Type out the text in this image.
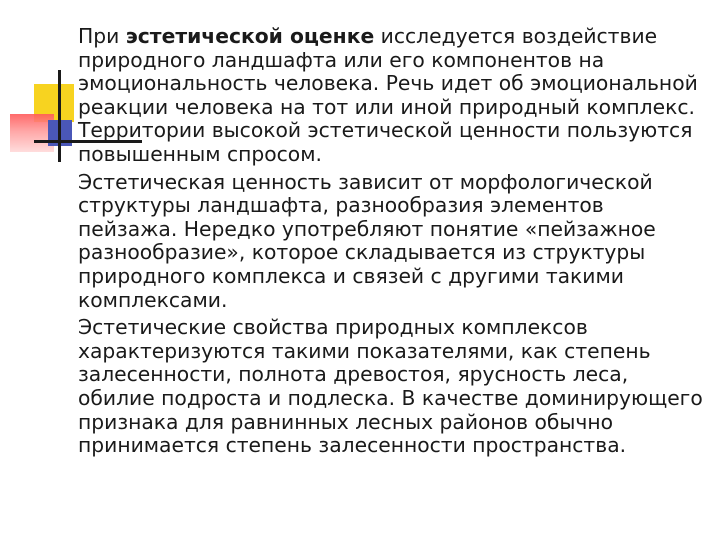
При эстетической оценке исследуется воздействие природного ландшафта или его компонентов на эмоциональность человека. Речь идет об эмоциональной реакции человека на тот или иной природный комплекс. Территории высокой эстетической ценности пользуются повышенным спросом.

Эстетическая ценность зависит от морфологической структуры ландшафта, разнообразия элементов пейзажа. Нередко употребляют понятие «пейзажное разнообразие», которое складывается из структуры природного комплекса и связей с другими такими комплексами.

Эстетические свойства природных комплексов характеризуются такими показателями, как степень залесенности, полнота древостоя, ярусность леса, обилие подроста и подлеска. В качестве доминирующего признака для равнинных лесных районов обычно принимается степень залесенности пространства.
